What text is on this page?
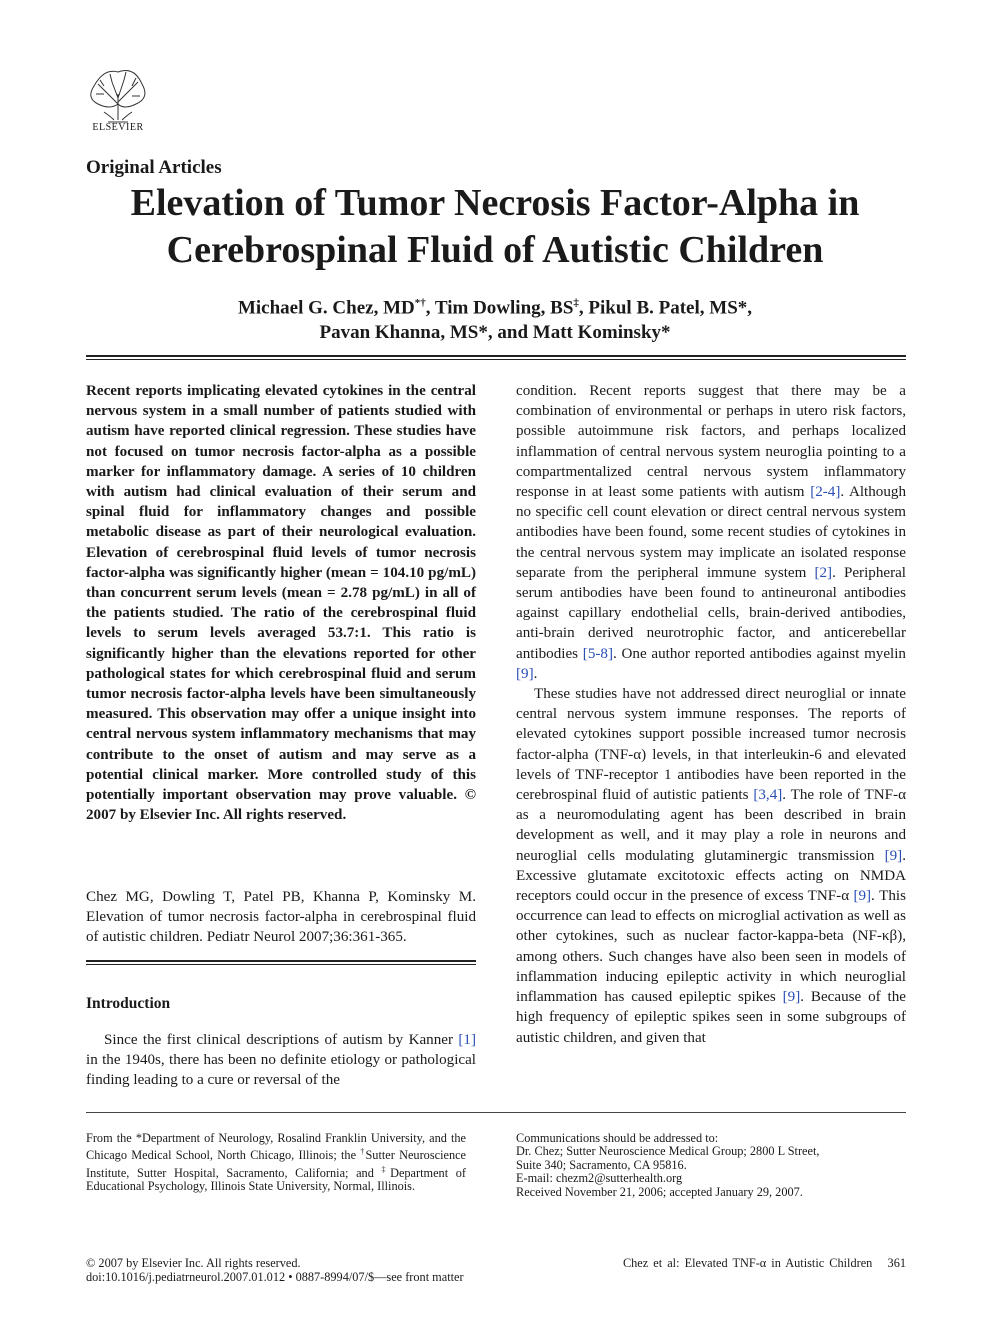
ELSEVIER
Original Articles
Elevation of Tumor Necrosis Factor-Alpha in
Cerebrospinal Fluid of Autistic Children
Michael G. Chez, MD*†, Tim Dowling, BS‡, Pikul B. Patel, MS*,
Pavan Khanna, MS*, and Matt Kominsky*

Recent reports implicating elevated cytokines in the central nervous system in a small number of patients studied with autism have reported clinical regression. These studies have not focused on tumor necrosis factor-alpha as a possible marker for inflammatory damage. A series of 10 children with autism had clinical evaluation of their serum and spinal fluid for inflammatory changes and possible metabolic disease as part of their neurological evaluation. Elevation of cerebrospinal fluid levels of tumor necrosis factor-alpha was significantly higher (mean = 104.10 pg/mL) than concurrent serum levels (mean = 2.78 pg/mL) in all of the patients studied. The ratio of the cerebrospinal fluid levels to serum levels averaged 53.7:1. This ratio is significantly higher than the elevations reported for other pathological states for which cerebrospinal fluid and serum tumor necrosis factor-alpha levels have been simultaneously measured. This observation may offer a unique insight into central nervous system inflammatory mechanisms that may contribute to the onset of autism and may serve as a potential clinical marker. More controlled study of this potentially important observation may prove valuable. © 2007 by Elsevier Inc. All rights reserved.

Chez MG, Dowling T, Patel PB, Khanna P, Kominsky M. Elevation of tumor necrosis factor-alpha in cerebrospinal fluid of autistic children. Pediatr Neurol 2007;36:361-365.

Introduction

Since the first clinical descriptions of autism by Kanner [1] in the 1940s, there has been no definite etiology or pathological finding leading to a cure or reversal of the

condition. Recent reports suggest that there may be a combination of environmental or perhaps in utero risk factors, possible autoimmune risk factors, and perhaps localized inflammation of central nervous system neuroglia pointing to a compartmentalized central nervous system inflammatory response in at least some patients with autism [2-4]. Although no specific cell count elevation or direct central nervous system antibodies have been found, some recent studies of cytokines in the central nervous system may implicate an isolated response separate from the peripheral immune system [2]. Peripheral serum antibodies have been found to antineuronal antibodies against capillary endothelial cells, brain-derived antibodies, anti-brain derived neurotrophic factor, and anticerebellar antibodies [5-8]. One author reported antibodies against myelin [9].

These studies have not addressed direct neuroglial or innate central nervous system immune responses. The reports of elevated cytokines support possible increased tumor necrosis factor-alpha (TNF-α) levels, in that interleukin-6 and elevated levels of TNF-receptor 1 antibodies have been reported in the cerebrospinal fluid of autistic patients [3,4]. The role of TNF-α as a neuromodulating agent has been described in brain development as well, and it may play a role in neurons and neuroglial cells modulating glutaminergic transmission [9]. Excessive glutamate excitotoxic effects acting on NMDA receptors could occur in the presence of excess TNF-α [9]. This occurrence can lead to effects on microglial activation as well as other cytokines, such as nuclear factor-kappa-beta (NF-κβ), among others. Such changes have also been seen in models of inflammation inducing epileptic activity in which neuroglial inflammation has caused epileptic spikes [9]. Because of the high frequency of epileptic spikes seen in some subgroups of autistic children, and given that

From the *Department of Neurology, Rosalind Franklin University, and the Chicago Medical School, North Chicago, Illinois; the †Sutter Neuroscience Institute, Sutter Hospital, Sacramento, California; and ‡Department of Educational Psychology, Illinois State University, Normal, Illinois.
Communications should be addressed to:
Dr. Chez; Sutter Neuroscience Medical Group; 2800 L Street,
Suite 340; Sacramento, CA 95816.
E-mail: chezm2@sutterhealth.org
Received November 21, 2006; accepted January 29, 2007.
© 2007 by Elsevier Inc. All rights reserved.
doi:10.1016/j.pediatrneurol.2007.01.012 • 0887-8994/07/$—see front matter
Chez et al: Elevated TNF-α in Autistic Children 361
